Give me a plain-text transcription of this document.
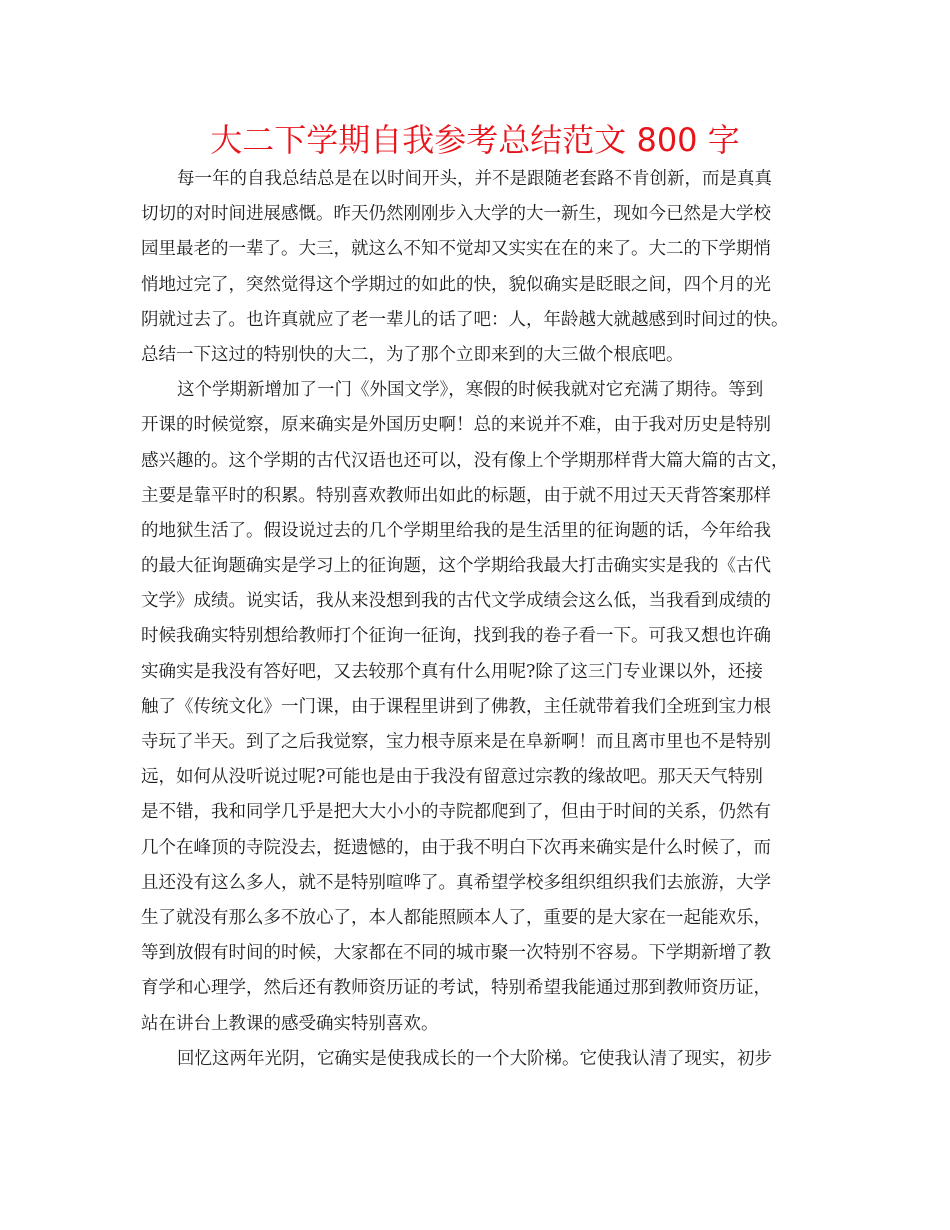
大二下学期自我参考总结范文 800 字
每一年的自我总结总是在以时间开头，并不是跟随老套路不肯创新，而是真真
切切的对时间进展感慨。昨天仍然刚刚步入大学的大一新生，现如今已然是大学校
园里最老的一辈了。大三，就这么不知不觉却又实实在在的来了。大二的下学期悄
悄地过完了，突然觉得这个学期过的如此的快，貌似确实是眨眼之间，四个月的光
阴就过去了。也许真就应了老一辈儿的话了吧：人，年龄越大就越感到时间过的快。
总结一下这过的特别快的大二，为了那个立即来到的大三做个根底吧。
这个学期新增加了一门《外国文学》，寒假的时候我就对它充满了期待。等到
开课的时候觉察，原来确实是外国历史啊！总的来说并不难，由于我对历史是特别
感兴趣的。这个学期的古代汉语也还可以，没有像上个学期那样背大篇大篇的古文，
主要是靠平时的积累。特别喜欢教师出如此的标题，由于就不用过天天背答案那样
的地狱生活了。假设说过去的几个学期里给我的是生活里的征询题的话，今年给我
的最大征询题确实是学习上的征询题，这个学期给我最大打击确实实是我的《古代
文学》成绩。说实话，我从来没想到我的古代文学成绩会这么低，当我看到成绩的
时候我确实特别想给教师打个征询一征询，找到我的卷子看一下。可我又想也许确
实确实是我没有答好吧，又去较那个真有什么用呢?除了这三门专业课以外，还接
触了《传统文化》一门课，由于课程里讲到了佛教，主任就带着我们全班到宝力根
寺玩了半天。到了之后我觉察，宝力根寺原来是在阜新啊！而且离市里也不是特别
远，如何从没听说过呢?可能也是由于我没有留意过宗教的缘故吧。那天天气特别
是不错，我和同学几乎是把大大小小的寺院都爬到了，但由于时间的关系，仍然有
几个在峰顶的寺院没去，挺遗憾的，由于我不明白下次再来确实是什么时候了，而
且还没有这么多人，就不是特别喧哗了。真希望学校多组织组织我们去旅游，大学
生了就没有那么多不放心了，本人都能照顾本人了，重要的是大家在一起能欢乐，
等到放假有时间的时候，大家都在不同的城市聚一次特别不容易。下学期新增了教
育学和心理学，然后还有教师资历证的考试，特别希望我能通过那到教师资历证，
站在讲台上教课的感受确实特别喜欢。
回忆这两年光阴，它确实是使我成长的一个大阶梯。它使我认清了现实，初步
